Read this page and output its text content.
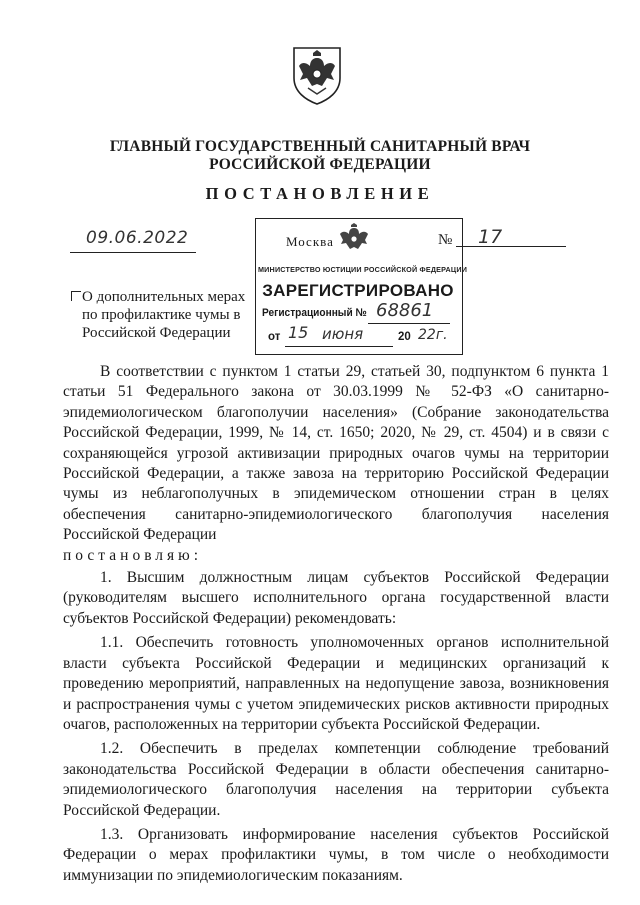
ГЛАВНЫЙ ГОСУДАРСТВЕННЫЙ САНИТАРНЫЙ ВРАЧ
РОССИЙСКОЙ ФЕДЕРАЦИИ
ПОСТАНОВЛЕНИЕ
09.06.2022	Москва	№ 17
МИНИСТЕРСТВО ЮСТИЦИИ РОССИЙСКОЙ ФЕДЕРАЦИИ
ЗАРЕГИСТРИРОВАНО
Регистрационный № 68861
от 15 июня	20 22г.
О дополнительных мерах по профилактике чумы в Российской Федерации

В соответствии с пунктом 1 статьи 29, статьей 30, подпунктом 6 пункта 1 статьи 51 Федерального закона от 30.03.1999 № 52-ФЗ «О санитарно-эпидемиологическом благополучии населения» (Собрание законодательства Российской Федерации, 1999, № 14, ст. 1650; 2020, № 29, ст. 4504) и в связи с сохраняющейся угрозой активизации природных очагов чумы на территории Российской Федерации, а также завоза на территорию Российской Федерации чумы из неблагополучных в эпидемическом отношении стран в целях обеспечения санитарно-эпидемиологического благополучия населения Российской Федерации

постановляю:

1. Высшим должностным лицам субъектов Российской Федерации (руководителям высшего исполнительного органа государственной власти субъектов Российской Федерации) рекомендовать:

1.1. Обеспечить готовность уполномоченных органов исполнительной власти субъекта Российской Федерации и медицинских организаций к проведению мероприятий, направленных на недопущение завоза, возникновения и распространения чумы с учетом эпидемических рисков активности природных очагов, расположенных на территории субъекта Российской Федерации.

1.2. Обеспечить в пределах компетенции соблюдение требований законодательства Российской Федерации в области обеспечения санитарно-эпидемиологического благополучия населения на территории субъекта Российской Федерации.

1.3. Организовать информирование населения субъектов Российской Федерации о мерах профилактики чумы, в том числе о необходимости иммунизации по эпидемиологическим показаниям.
